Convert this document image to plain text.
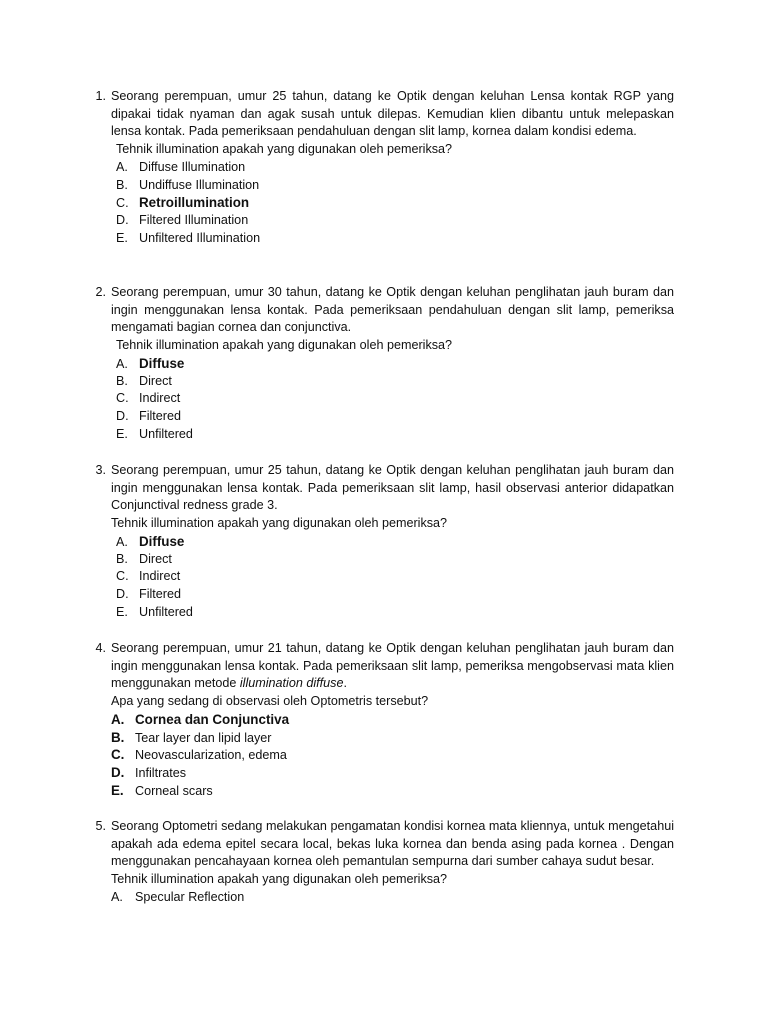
1. Seorang perempuan, umur 25 tahun, datang ke Optik dengan keluhan Lensa kontak RGP yang dipakai tidak nyaman dan agak susah untuk dilepas. Kemudian klien dibantu untuk melepaskan lensa kontak. Pada pemeriksaan pendahuluan dengan slit lamp, kornea dalam kondisi edema.
Tehnik illumination apakah yang digunakan oleh pemeriksa?
A. Diffuse Illumination
B. Undiffuse Illumination
C. Retroillumination
D. Filtered Illumination
E. Unfiltered Illumination
2. Seorang perempuan, umur 30 tahun, datang ke Optik dengan keluhan penglihatan jauh buram dan ingin menggunakan lensa kontak. Pada pemeriksaan pendahuluan dengan slit lamp, pemeriksa mengamati bagian cornea dan conjunctiva.
Tehnik illumination apakah yang digunakan oleh pemeriksa?
A. Diffuse
B. Direct
C. Indirect
D. Filtered
E. Unfiltered
3. Seorang perempuan, umur 25 tahun, datang ke Optik dengan keluhan penglihatan jauh buram dan ingin menggunakan lensa kontak. Pada pemeriksaan slit lamp, hasil observasi anterior didapatkan Conjunctival redness grade 3.
Tehnik illumination apakah yang digunakan oleh pemeriksa?
A. Diffuse
B. Direct
C. Indirect
D. Filtered
E. Unfiltered
4. Seorang perempuan, umur 21 tahun, datang ke Optik dengan keluhan penglihatan jauh buram dan ingin menggunakan lensa kontak. Pada pemeriksaan slit lamp, pemeriksa mengobservasi mata klien menggunakan metode illumination diffuse.
Apa yang sedang di observasi oleh Optometris tersebut?
A. Cornea dan Conjunctiva
B. Tear layer dan lipid layer
C. Neovascularization, edema
D. Infiltrates
E. Corneal scars
5. Seorang Optometri sedang melakukan pengamatan kondisi kornea mata kliennya, untuk mengetahui apakah ada edema epitel secara local, bekas luka kornea dan benda asing pada kornea . Dengan menggunakan pencahayaan kornea oleh pemantulan sempurna dari sumber cahaya sudut besar.
Tehnik illumination apakah yang digunakan oleh pemeriksa?
A. Specular Reflection
